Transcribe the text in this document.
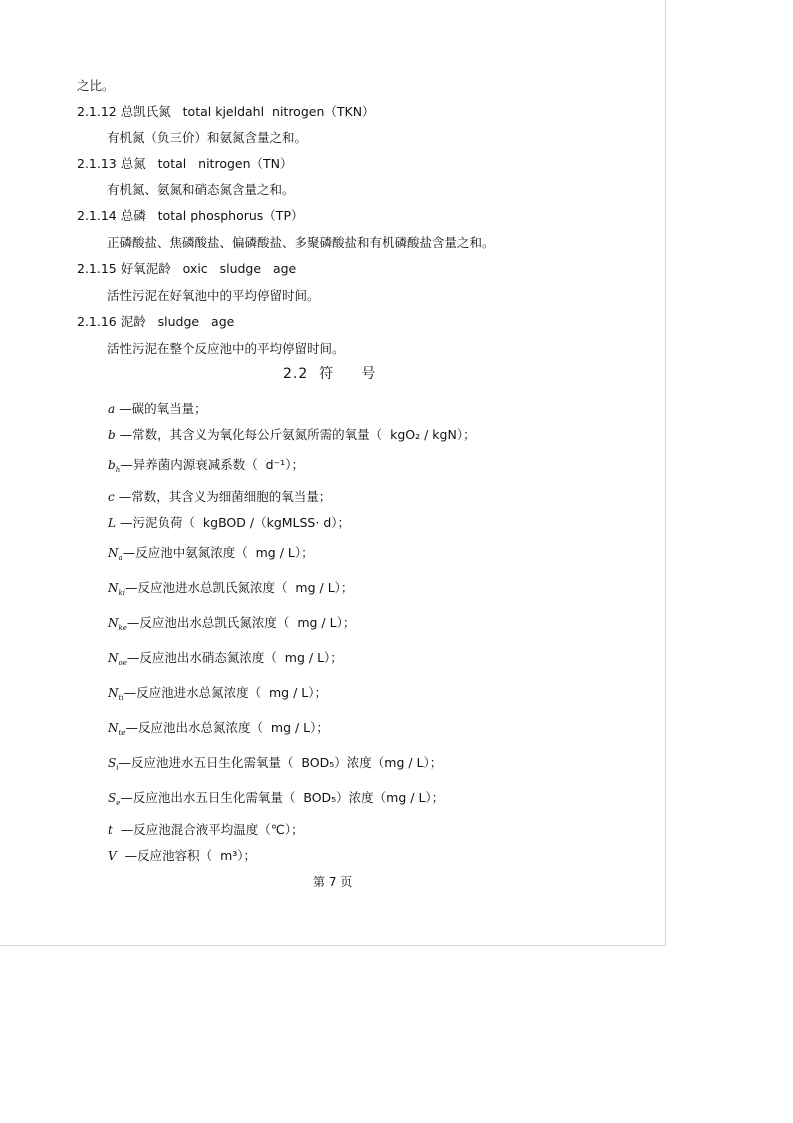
之比。
2.1.12 总凯氏氮   total kjeldahl  nitrogen（TKN）
有机氮（负三价）和氨氮含量之和。
2.1.13 总氮   total   nitrogen（TN）
有机氮、氨氮和硝态氮含量之和。
2.1.14 总磷   total phosphorus（TP）
正磷酸盐、焦磷酸盐、偏磷酸盐、多聚磷酸盐和有机磷酸盐含量之和。
2.1.15 好氧泥龄   oxic   sludge   age
活性污泥在好氧池中的平均停留时间。
2.1.16 泥龄   sludge   age
活性污泥在整个反应池中的平均停留时间。
2.2  符     号
a —碳的氧当量；
b —常数，其含义为氧化每公斤氨氮所需的氧量（  kgO₂ / kgN）；
$b_h—$异养菌内源衰减系数（  d⁻¹）；
c —常数，其含义为细菌细胞的氧当量；
L —污泥负荷（  kgBOD /（kgMLSS· d）；
$N_a—$反应池中氨氮浓度（  mg / L）；
$N_{ki}—$反应池进水总凯氏氮浓度（  mg / L）；
$N_{ke}—$反应池出水总凯氏氮浓度（  mg / L）；
$N_{oe}—$反应池出水硝态氮浓度（  mg / L）；
$N_{ti}—$反应池进水总氮浓度（  mg / L）；
$N_{te}—$反应池出水总氮浓度（  mg / L）；
$S_i—$反应池进水五日生化需氧量（  BOD₅）浓度（mg / L）；
$S_e—$反应池出水五日生化需氧量（  BOD₅）浓度（mg / L）；
t —反应池混合液平均温度（℃）；
V —反应池容积（  m³）；
第 7 页
